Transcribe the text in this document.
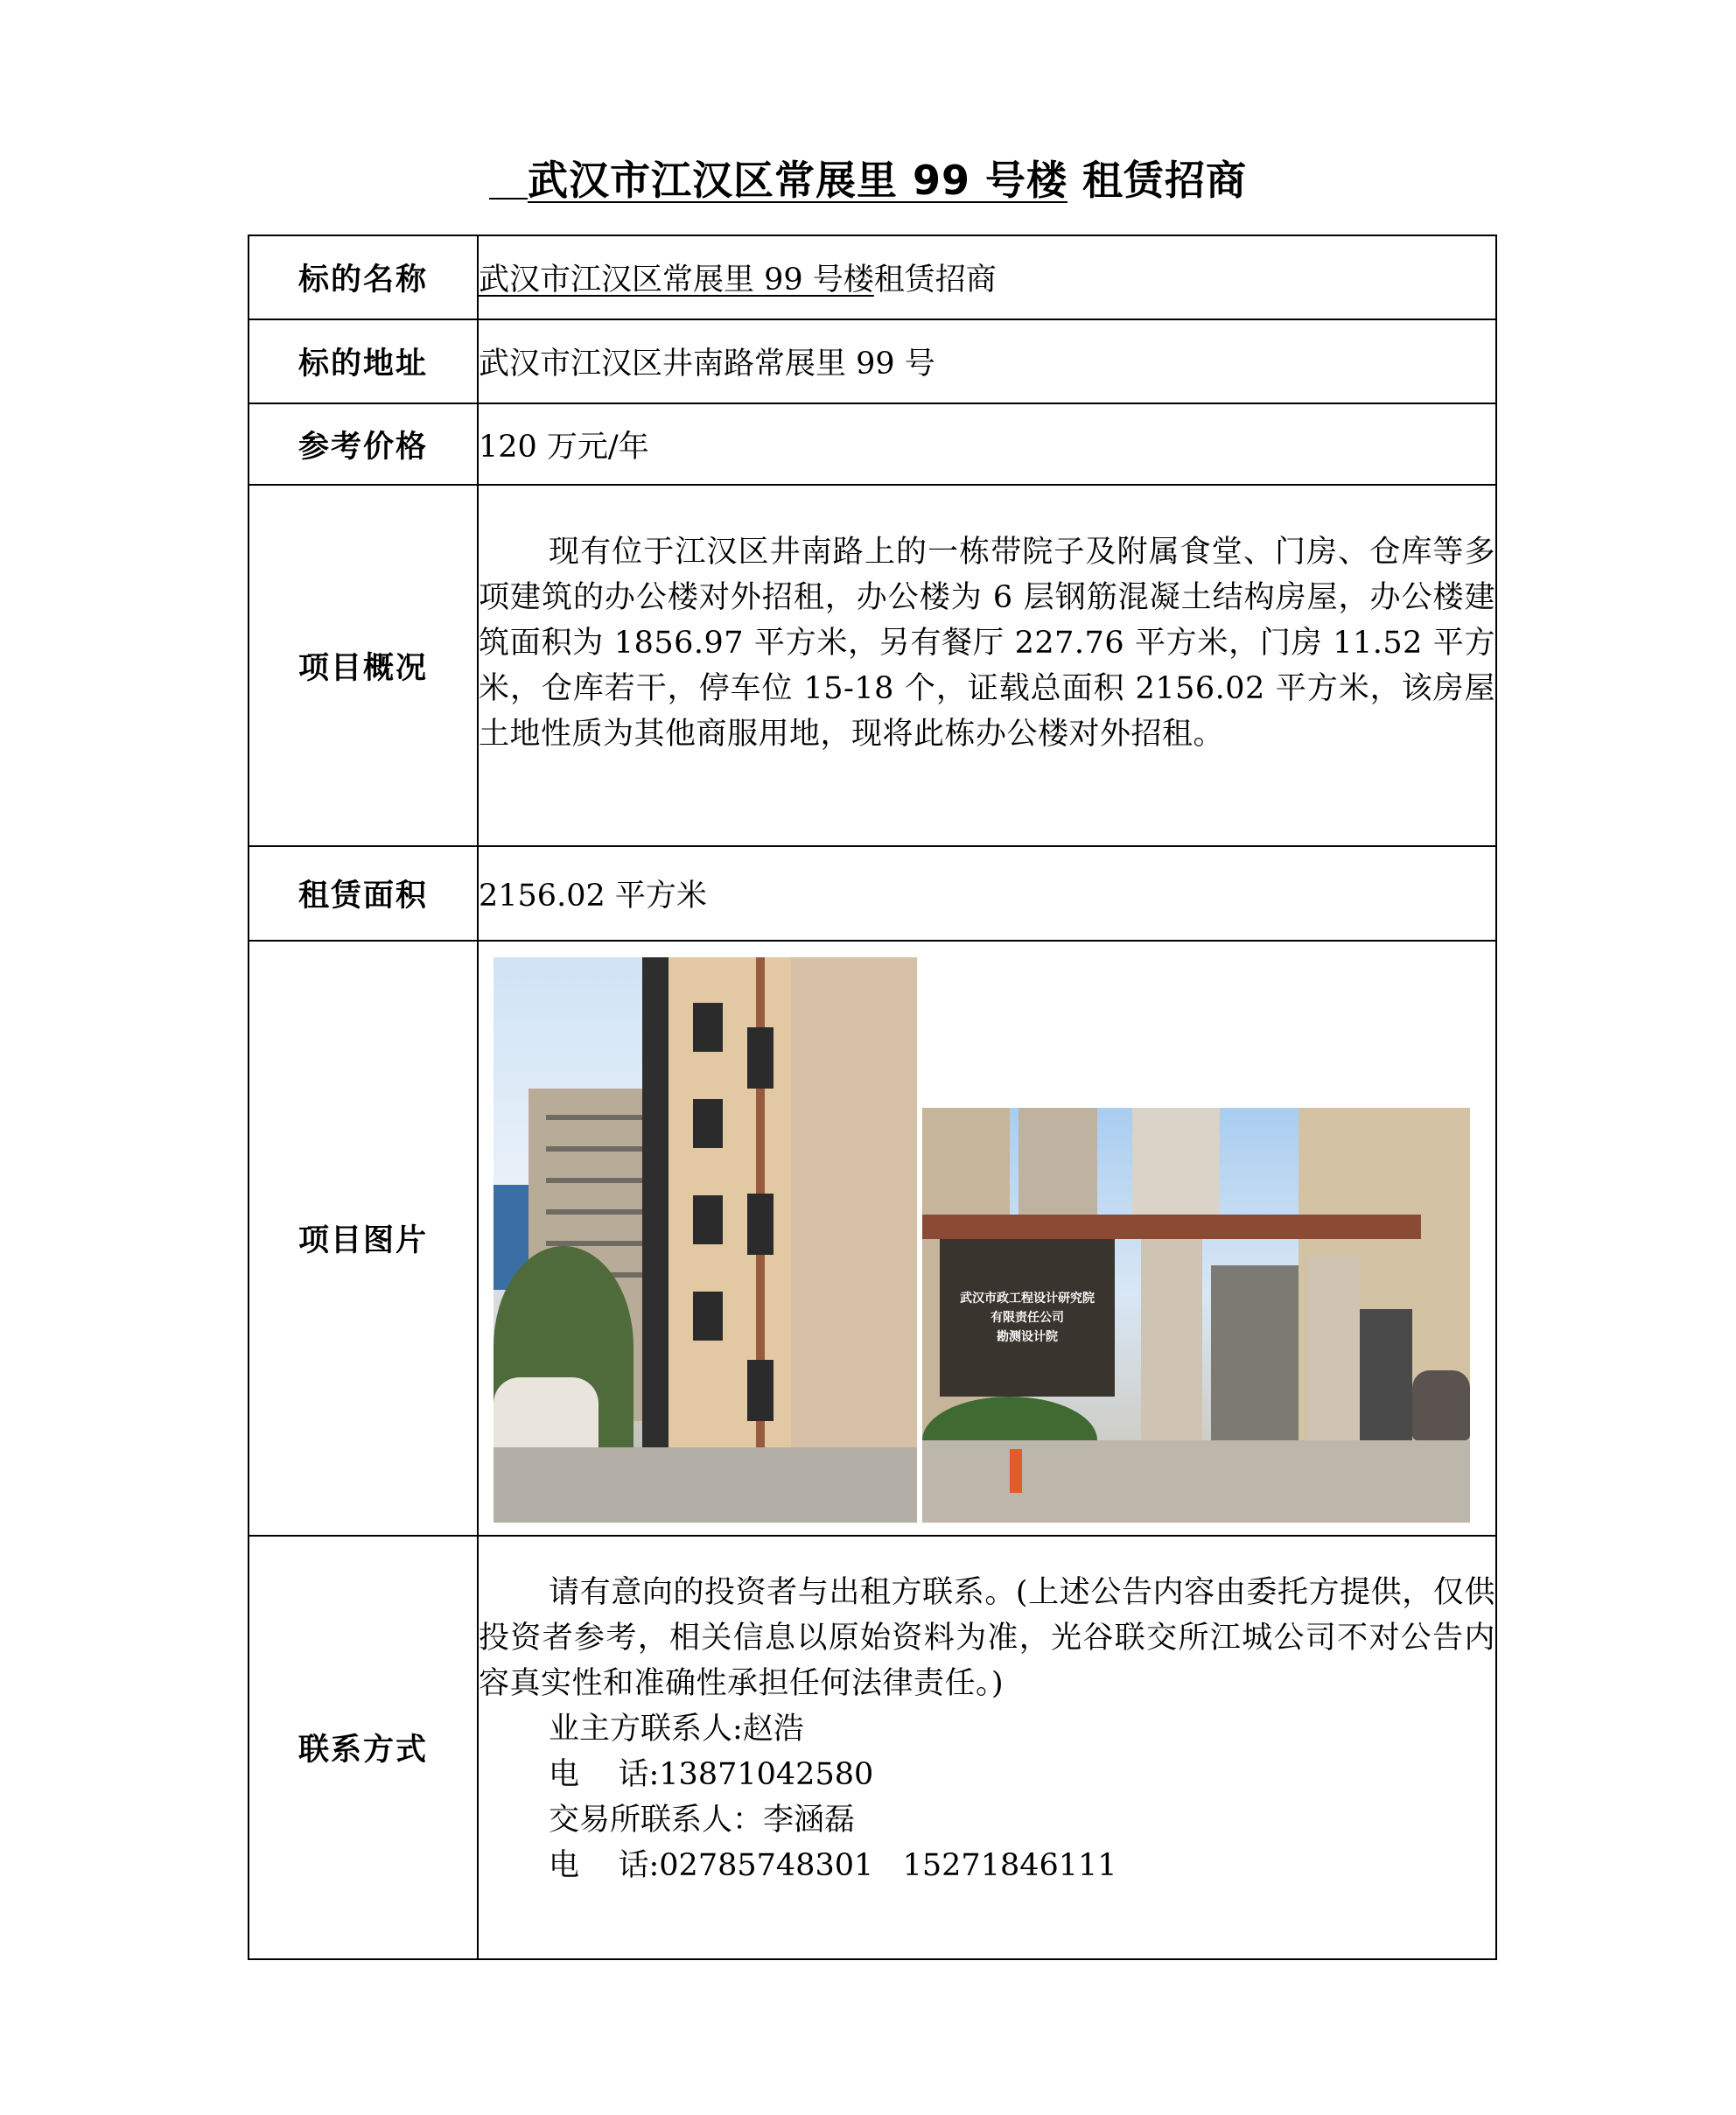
武汉市江汉区常展里 99 号楼 租赁招商
标的名称	武汉市江汉区常展里 99 号楼租赁招商
标的地址	武汉市江汉区井南路常展里 99 号
参考价格	120 万元/年
项目概况	现有位于江汉区井南路上的一栋带院子及附属食堂、门房、仓库等多项建筑的办公楼对外招租，办公楼为 6 层钢筋混凝土结构房屋，办公楼建筑面积为 1856.97 平方米，另有餐厅 227.76 平方米，门房 11.52 平方米，仓库若干，停车位 15-18 个，证载总面积 2156.02 平方米，该房屋土地性质为其他商服用地，现将此栋办公楼对外招租。

租赁面积	2156.02 平方米
项目图片	武汉市政工程设计研究院
有限责任公司
勘测设计院

联系方式	请有意向的投资者与出租方联系。(上述公告内容由委托方提供，仅供投资者参考，相关信息以原始资料为准，光谷联交所江城公司不对公告内容真实性和准确性承担任何法律责任。)
业主方联系人:赵浩
电    话:13871042580
交易所联系人：李涵磊
电    话:02785748301   15271846111
